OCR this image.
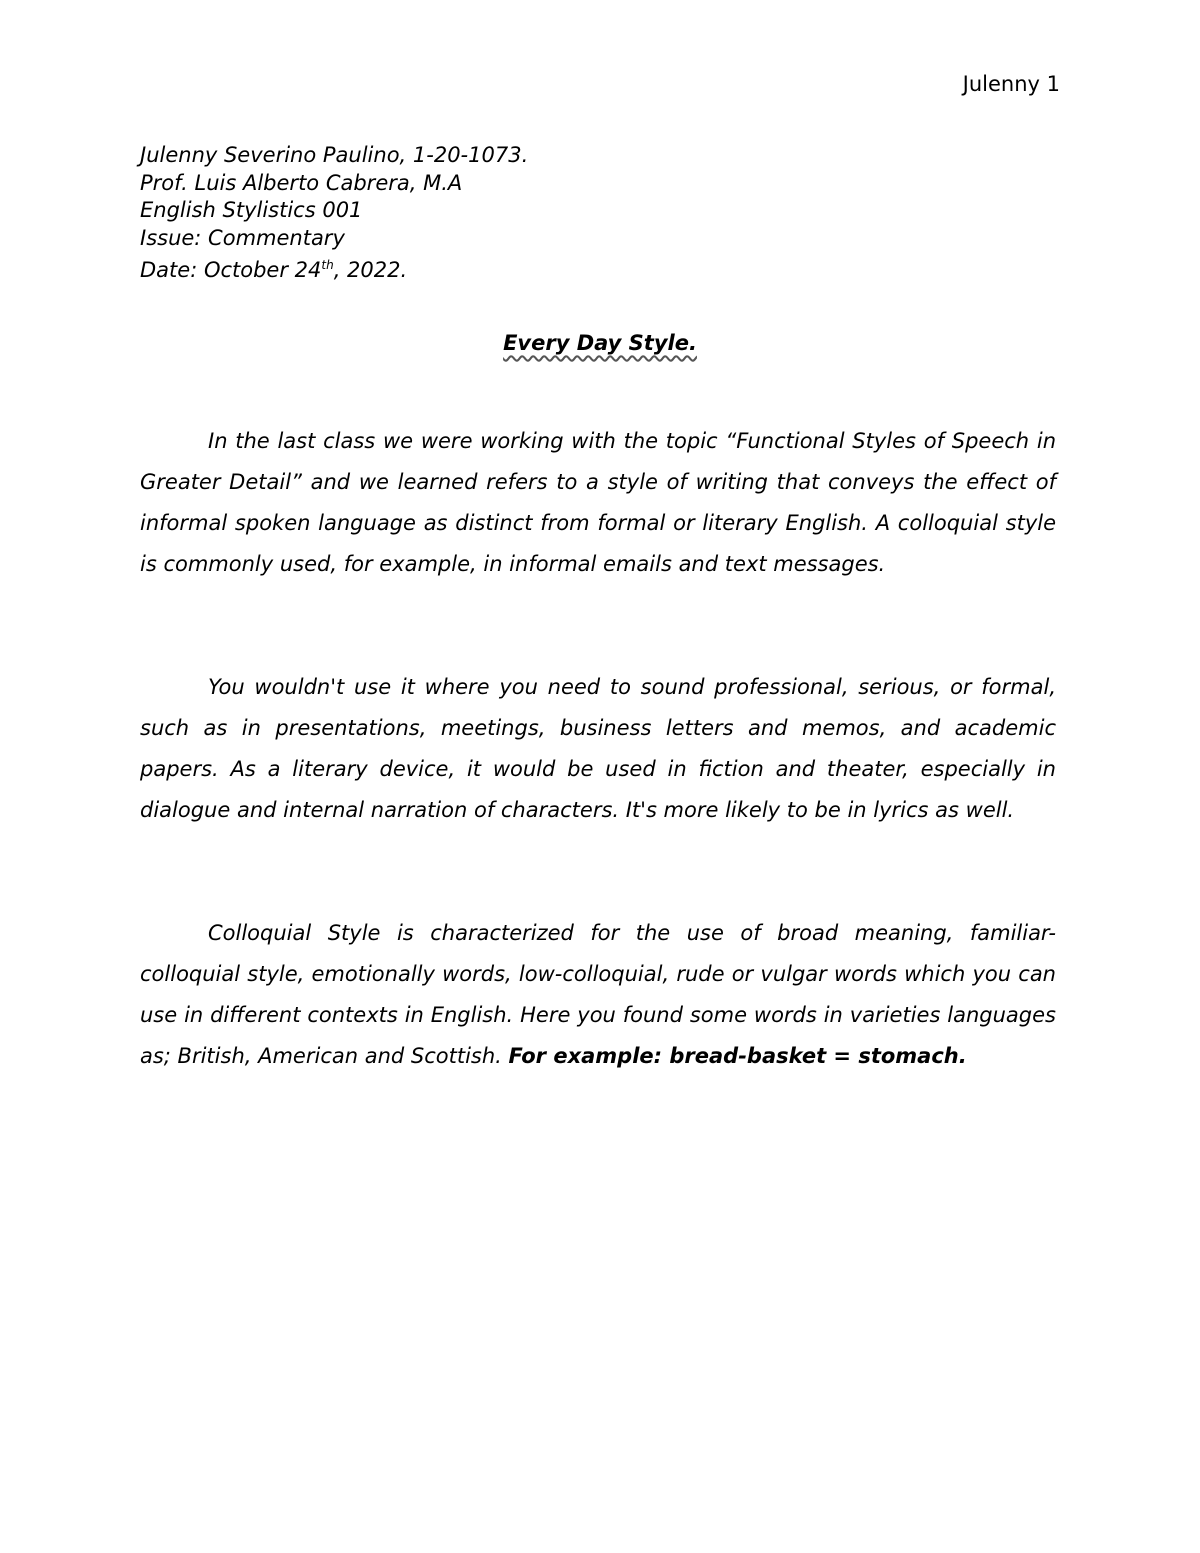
Julenny 1
Julenny Severino Paulino, 1-20-1073.
Prof. Luis Alberto Cabrera, M.A
English Stylistics 001
Issue: Commentary
Date: October 24th, 2022.
Every Day Style.

In the last class we were working with the topic “Functional Styles of Speech in Greater Detail” and we learned refers to a style of writing that conveys the effect of informal spoken language as distinct from formal or literary English. A colloquial style is commonly used, for example, in informal emails and text messages.

You wouldn't use it where you need to sound professional, serious, or formal, such as in presentations, meetings, business letters and memos, and academic papers. As a literary device, it would be used in fiction and theater, especially in dialogue and internal narration of characters. It's more likely to be in lyrics as well.

Colloquial Style is characterized for the use of broad meaning, familiar-colloquial style, emotionally words, low-colloquial, rude or vulgar words which you can use in different contexts in English. Here you found some words in varieties languages as; British, American and Scottish. For example: bread-basket = stomach.
